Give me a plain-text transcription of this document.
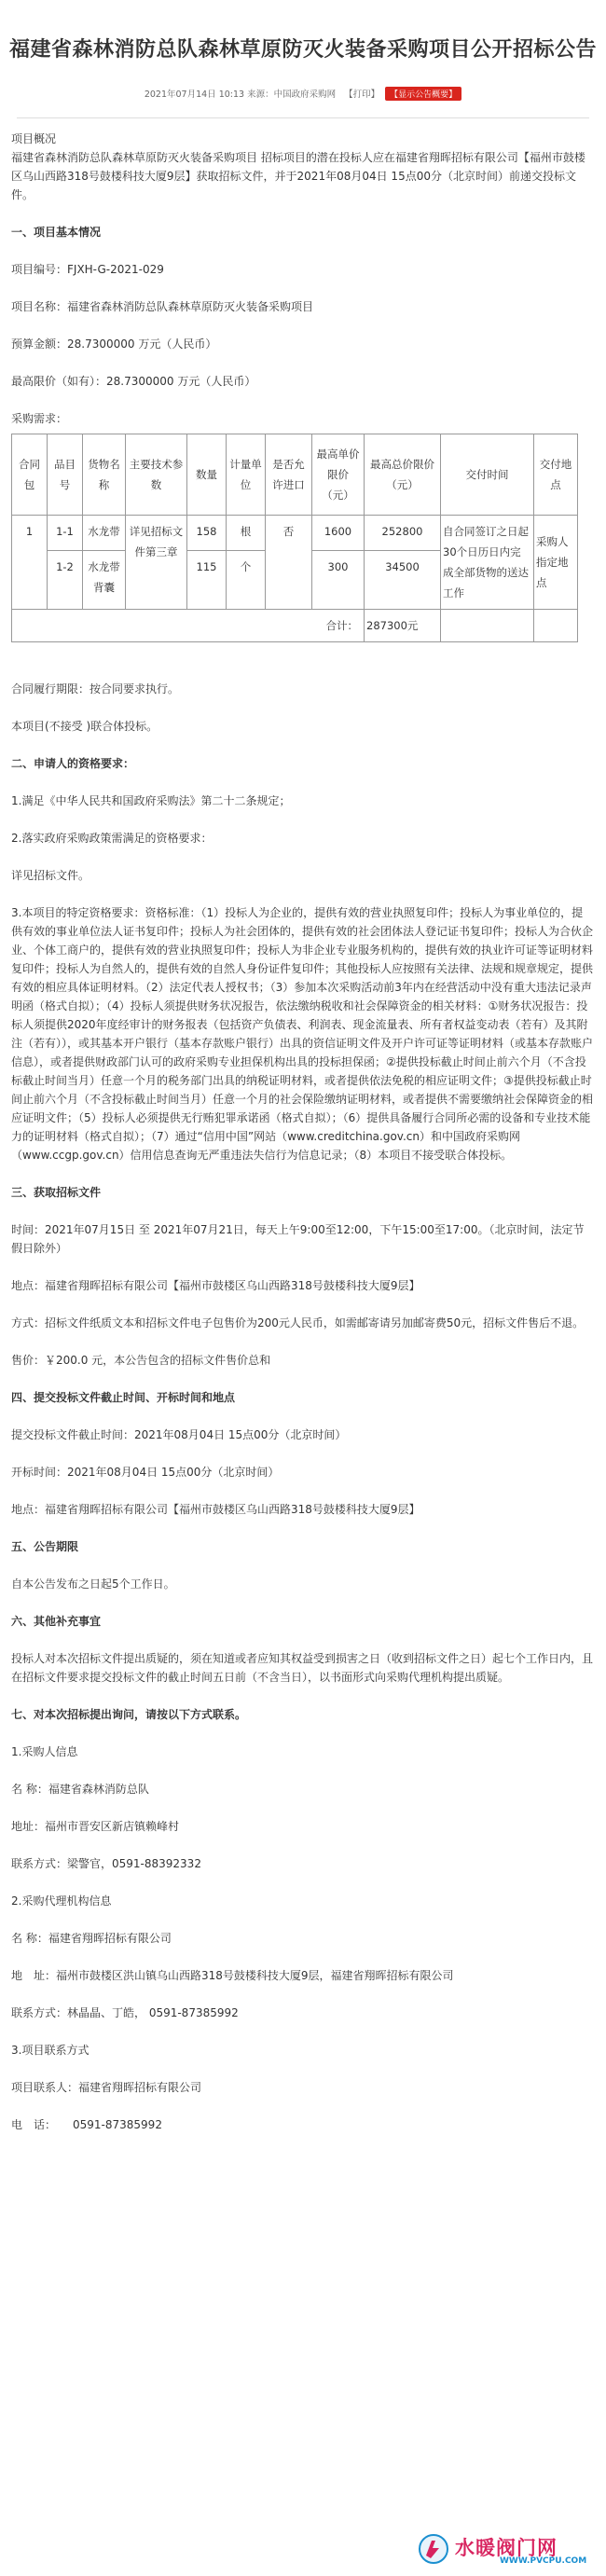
福建省森林消防总队森林草原防灭火装备采购项目公开招标公告
2021年07月14日 10:13 来源：中国政府采购网 【打印】 【显示公告概要】

项目概况

福建省森林消防总队森林草原防灭火装备采购项目 招标项目的潜在投标人应在福建省翔晖招标有限公司【福州市鼓楼区乌山西路318号鼓楼科技大厦9层】获取招标文件，并于2021年08月04日 15点00分（北京时间）前递交投标文件。

一、项目基本情况

项目编号：FJXH-G-2021-029

项目名称：福建省森林消防总队森林草原防灭火装备采购项目

预算金额：28.7300000 万元（人民币）

最高限价（如有）：28.7300000 万元（人民币）

采购需求：

合同包	品目号	货物名称	主要技术参数	数量	计量单位	是否允许进口	最高单价限价（元）	最高总价限价（元）	交付时间	交付地点
1	1-1	水龙带	详见招标文件第三章	158	根	否	1600	252800	自合同签订之日起30个日历日内完成全部货物的送达工作	采购人指定地点
	1-2	水龙带背囊		115	个		300	34500		
合计：								287300元		

合同履行期限：按合同要求执行。

本项目(不接受 )联合体投标。

二、申请人的资格要求：

1.满足《中华人民共和国政府采购法》第二十二条规定；

2.落实政府采购政策需满足的资格要求：

详见招标文件。

3.本项目的特定资格要求：资格标准：（1）投标人为企业的，提供有效的营业执照复印件；投标人为事业单位的，提供有效的事业单位法人证书复印件；投标人为社会团体的，提供有效的社会团体法人登记证书复印件；投标人为合伙企业、个体工商户的，提供有效的营业执照复印件；投标人为非企业专业服务机构的，提供有效的执业许可证等证明材料复印件；投标人为自然人的，提供有效的自然人身份证件复印件；其他投标人应按照有关法律、法规和规章规定，提供有效的相应具体证明材料。（2）法定代表人授权书；（3）参加本次采购活动前3年内在经营活动中没有重大违法记录声明函（格式自拟）；（4）投标人须提供财务状况报告，依法缴纳税收和社会保障资金的相关材料：①财务状况报告：投标人须提供2020年度经审计的财务报表（包括资产负债表、利润表、现金流量表、所有者权益变动表（若有）及其附注（若有）），或其基本开户银行（基本存款账户银行）出具的资信证明文件及开户许可证等证明材料（或基本存款账户信息），或者提供财政部门认可的政府采购专业担保机构出具的投标担保函；②提供投标截止时间止前六个月（不含投标截止时间当月）任意一个月的税务部门出具的纳税证明材料，或者提供依法免税的相应证明文件；③提供投标截止时间止前六个月（不含投标截止时间当月）任意一个月的社会保险缴纳证明材料，或者提供不需要缴纳社会保障资金的相应证明文件；（5）投标人必须提供无行贿犯罪承诺函（格式自拟）；（6）提供具备履行合同所必需的设备和专业技术能力的证明材料（格式自拟）；（7）通过“信用中国”网站（www.creditchina.gov.cn）和中国政府采购网（www.ccgp.gov.cn）信用信息查询无严重违法失信行为信息记录；（8）本项目不接受联合体投标。

三、获取招标文件

时间：2021年07月15日 至 2021年07月21日，每天上午9:00至12:00，下午15:00至17:00。（北京时间，法定节假日除外）

地点：福建省翔晖招标有限公司【福州市鼓楼区乌山西路318号鼓楼科技大厦9层】

方式：招标文件纸质文本和招标文件电子包售价为200元人民币，如需邮寄请另加邮寄费50元，招标文件售后不退。

售价：￥200.0 元，本公告包含的招标文件售价总和

四、提交投标文件截止时间、开标时间和地点

提交投标文件截止时间：2021年08月04日 15点00分（北京时间）

开标时间：2021年08月04日 15点00分（北京时间）

地点：福建省翔晖招标有限公司【福州市鼓楼区乌山西路318号鼓楼科技大厦9层】

五、公告期限

自本公告发布之日起5个工作日。

六、其他补充事宜

投标人对本次招标文件提出质疑的，须在知道或者应知其权益受到损害之日（收到招标文件之日）起七个工作日内，且在招标文件要求提交投标文件的截止时间五日前（不含当日），以书面形式向采购代理机构提出质疑。

七、对本次招标提出询问，请按以下方式联系。

1.采购人信息

名 称：福建省森林消防总队

地址：福州市晋安区新店镇赖峰村

联系方式：梁警官，0591-88392332

2.采购代理机构信息

名 称：福建省翔晖招标有限公司

地　址：福州市鼓楼区洪山镇乌山西路318号鼓楼科技大厦9层，福建省翔晖招标有限公司

联系方式：林晶晶、丁皓， 0591-87385992

3.项目联系方式

项目联系人：福建省翔晖招标有限公司

电　话：　　0591-87385992

水暖阀门网
WWW.PVCPU.COM
